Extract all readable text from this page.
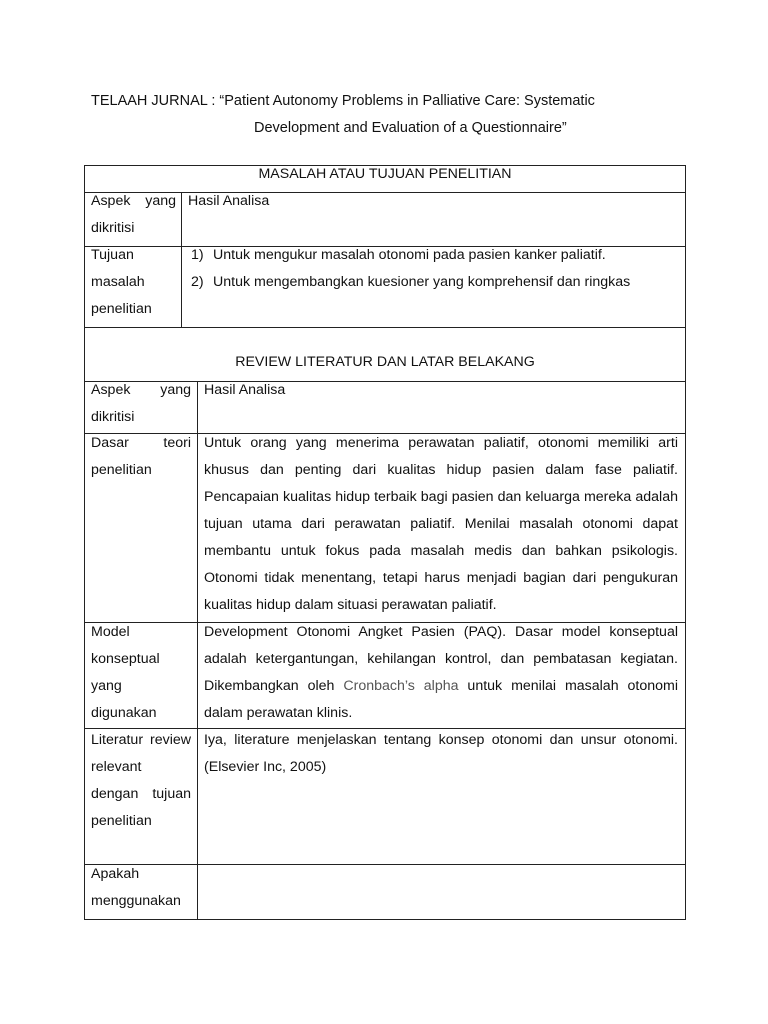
TELAAH JURNAL : “Patient Autonomy Problems in Palliative Care: Systematic
Development and Evaluation of a Questionnaire”
MASALAH ATAU TUJUAN PENELITIAN
Aspek yang dikritisi
Hasil Analisa
Tujuan masalah penelitian
1) Untuk mengukur masalah otonomi pada pasien kanker paliatif.
2) Untuk mengembangkan kuesioner yang komprehensif dan ringkas
REVIEW LITERATUR DAN LATAR BELAKANG
Aspek yang dikritisi
Hasil Analisa
Dasar teori penelitian
Untuk orang yang menerima perawatan paliatif, otonomi memiliki arti khusus dan penting dari kualitas hidup pasien dalam fase paliatif. Pencapaian kualitas hidup terbaik bagi pasien dan keluarga mereka adalah tujuan utama dari perawatan paliatif. Menilai masalah otonomi dapat membantu untuk fokus pada masalah medis dan bahkan psikologis. Otonomi tidak menentang, tetapi harus menjadi bagian dari pengukuran kualitas hidup dalam situasi perawatan paliatif.
Model konseptual yang digunakan
Development Otonomi Angket Pasien (PAQ). Dasar model konseptual adalah ketergantungan, kehilangan kontrol, dan pembatasan kegiatan. Dikembangkan oleh Cronbach’s alpha untuk menilai masalah otonomi dalam perawatan klinis.
Literatur review relevant dengan tujuan penelitian
Iya, literature menjelaskan tentang konsep otonomi dan unsur otonomi. (Elsevier Inc, 2005)
Apakah menggunakan
